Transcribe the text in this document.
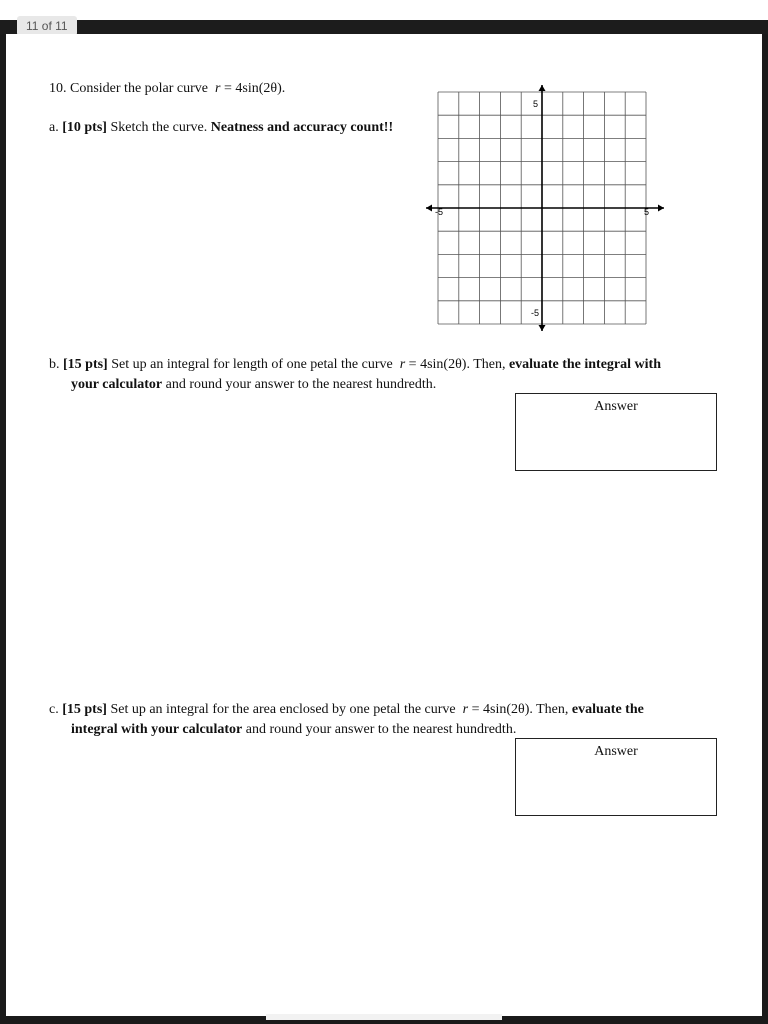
11 of 11
10. Consider the polar curve r = 4sin(2θ).
a. [10 pts] Sketch the curve. Neatness and accuracy count!!
-5	5
5
-5
b. [15 pts] Set up an integral for length of one petal the curve r = 4sin(2θ). Then, evaluate the integral with
your calculator and round your answer to the nearest hundredth.
Answer
c. [15 pts] Set up an integral for the area enclosed by one petal the curve r = 4sin(2θ). Then, evaluate the
integral with your calculator and round your answer to the nearest hundredth.
Answer
